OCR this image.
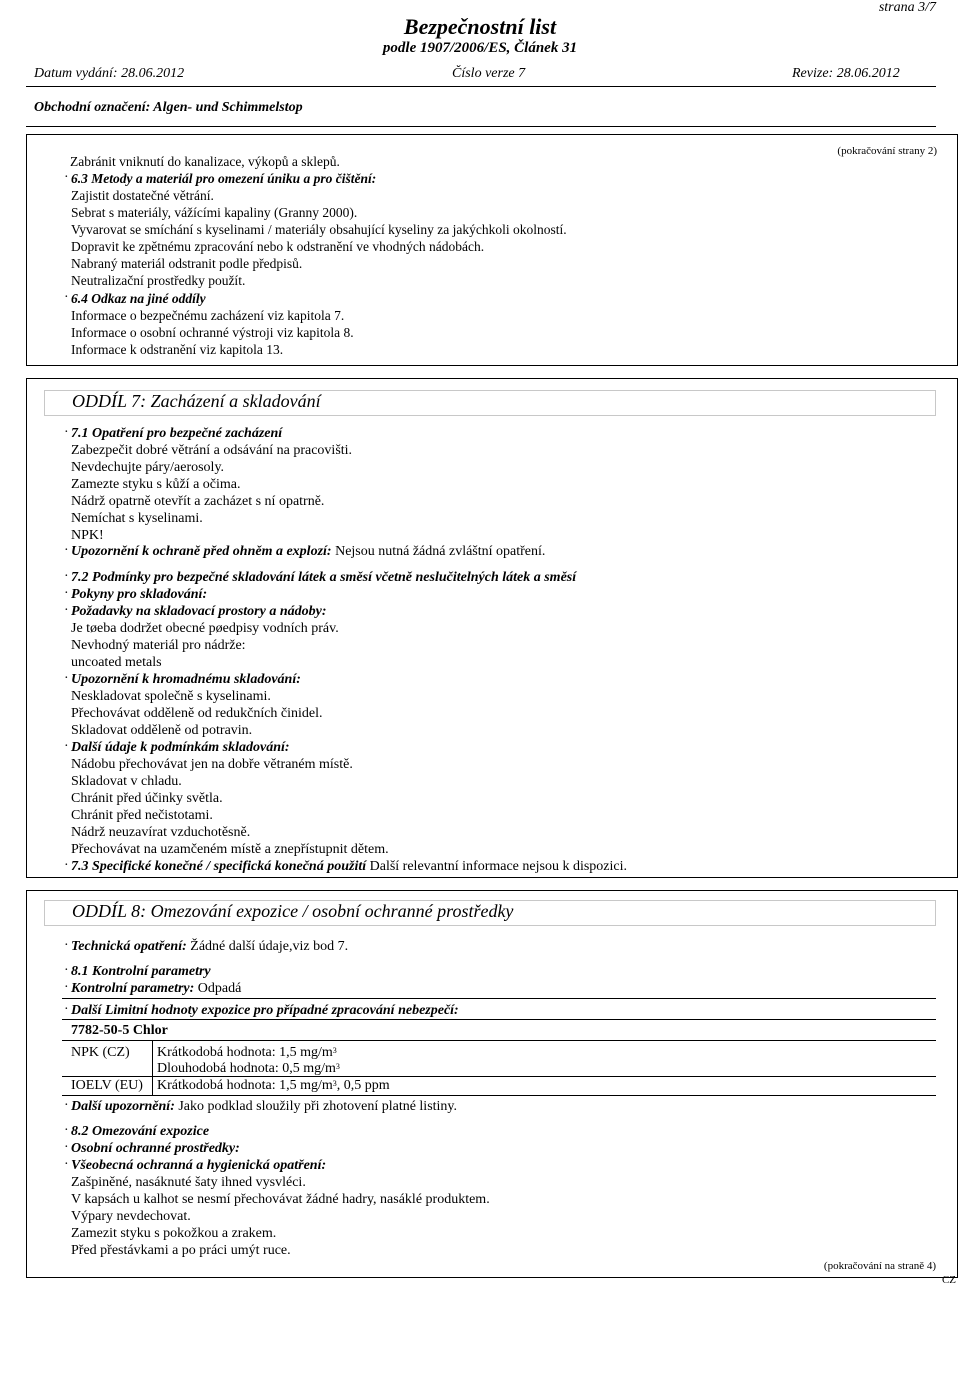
strana 3/7
Bezpečnostní list
podle 1907/2006/ES, Článek 31
Datum vydání: 28.06.2012	Číslo verze 7	Revize: 28.06.2012
Obchodní označení: Algen- und Schimmelstop
(pokračování strany 2)
Zabránit vniknutí do kanalizace, výkopů a sklepů.
· 6.3 Metody a materiál pro omezení úniku a pro čištění:
Zajistit dostatečné větrání.
Sebrat s materiály, vážícími kapaliny (Granny 2000).
Vyvarovat se smíchání s kyselinami / materiály obsahující kyseliny za jakýchkoli okolností.
Dopravit ke zpětnému zpracování nebo k odstranění ve vhodných nádobách.
Nabraný materiál odstranit podle předpisů.
Neutralizační prostředky použít.
· 6.4 Odkaz na jiné oddíly
Informace o bezpečnému zacházení viz kapitola 7.
Informace o osobní ochranné výstroji viz kapitola 8.
Informace k odstranění viz kapitola 13.
ODDÍL 7: Zacházení a skladování
· 7.1 Opatření pro bezpečné zacházení
Zabezpečit dobré větrání a odsávání na pracovišti.
Nevdechujte páry/aerosoly.
Zamezte styku s kůží a očima.
Nádrž opatrně otevřít a zacházet s ní opatrně.
Nemíchat s kyselinami.
NPK!
· Upozornění k ochraně před ohněm a explozí: Nejsou nutná žádná zvláštní opatření.
· 7.2 Podmínky pro bezpečné skladování látek a směsí včetně neslučitelných látek a směsí
· Pokyny pro skladování:
· Požadavky na skladovací prostory a nádoby:
Je tøeba dodržet obecné pøedpisy vodních práv.
Nevhodný materiál pro nádrže:
uncoated metals
· Upozornění k hromadnému skladování:
Neskladovat společně s kyselinami.
Přechovávat odděleně od redukčních činidel.
Skladovat odděleně od potravin.
· Další údaje k podmínkám skladování:
Nádobu přechovávat jen na dobře větraném místě.
Skladovat v chladu.
Chránit před účinky světla.
Chránit před nečistotami.
Nádrž neuzavírat vzduchotěsně.
Přechovávat na uzamčeném místě a znepřístupnit dětem.
· 7.3 Specifické konečné / specifická konečná použití Další relevantní informace nejsou k dispozici.
ODDÍL 8: Omezování expozice / osobní ochranné prostředky
· Technická opatření: Žádné další údaje,viz bod 7.
· 8.1 Kontrolní parametry
· Kontrolní parametry: Odpadá
· Další Limitní hodnoty expozice pro případné zpracování nebezpečí:
7782-50-5 Chlor
NPK (CZ) Krátkodobá hodnota: 1,5 $mg/m^3$
Dlouhodobá hodnota: 0,5 $mg/m^3$
IOELV (EU) Krátkodobá hodnota: 1,5 $mg/m^3$, 0,5 ppm
· Další upozornění: Jako podklad sloužily při zhotovení platné listiny.
· 8.2 Omezování expozice
· Osobní ochranné prostředky:
· Všeobecná ochranná a hygienická opatření:
Zašpiněné, nasáknuté šaty ihned vysvléci.
V kapsách u kalhot se nesmí přechovávat žádné hadry, nasáklé produktem.
Výpary nevdechovat.
Zamezit styku s pokožkou a zrakem.
Před přestávkami a po práci umýt ruce.
(pokračování na straně 4)
CZ
